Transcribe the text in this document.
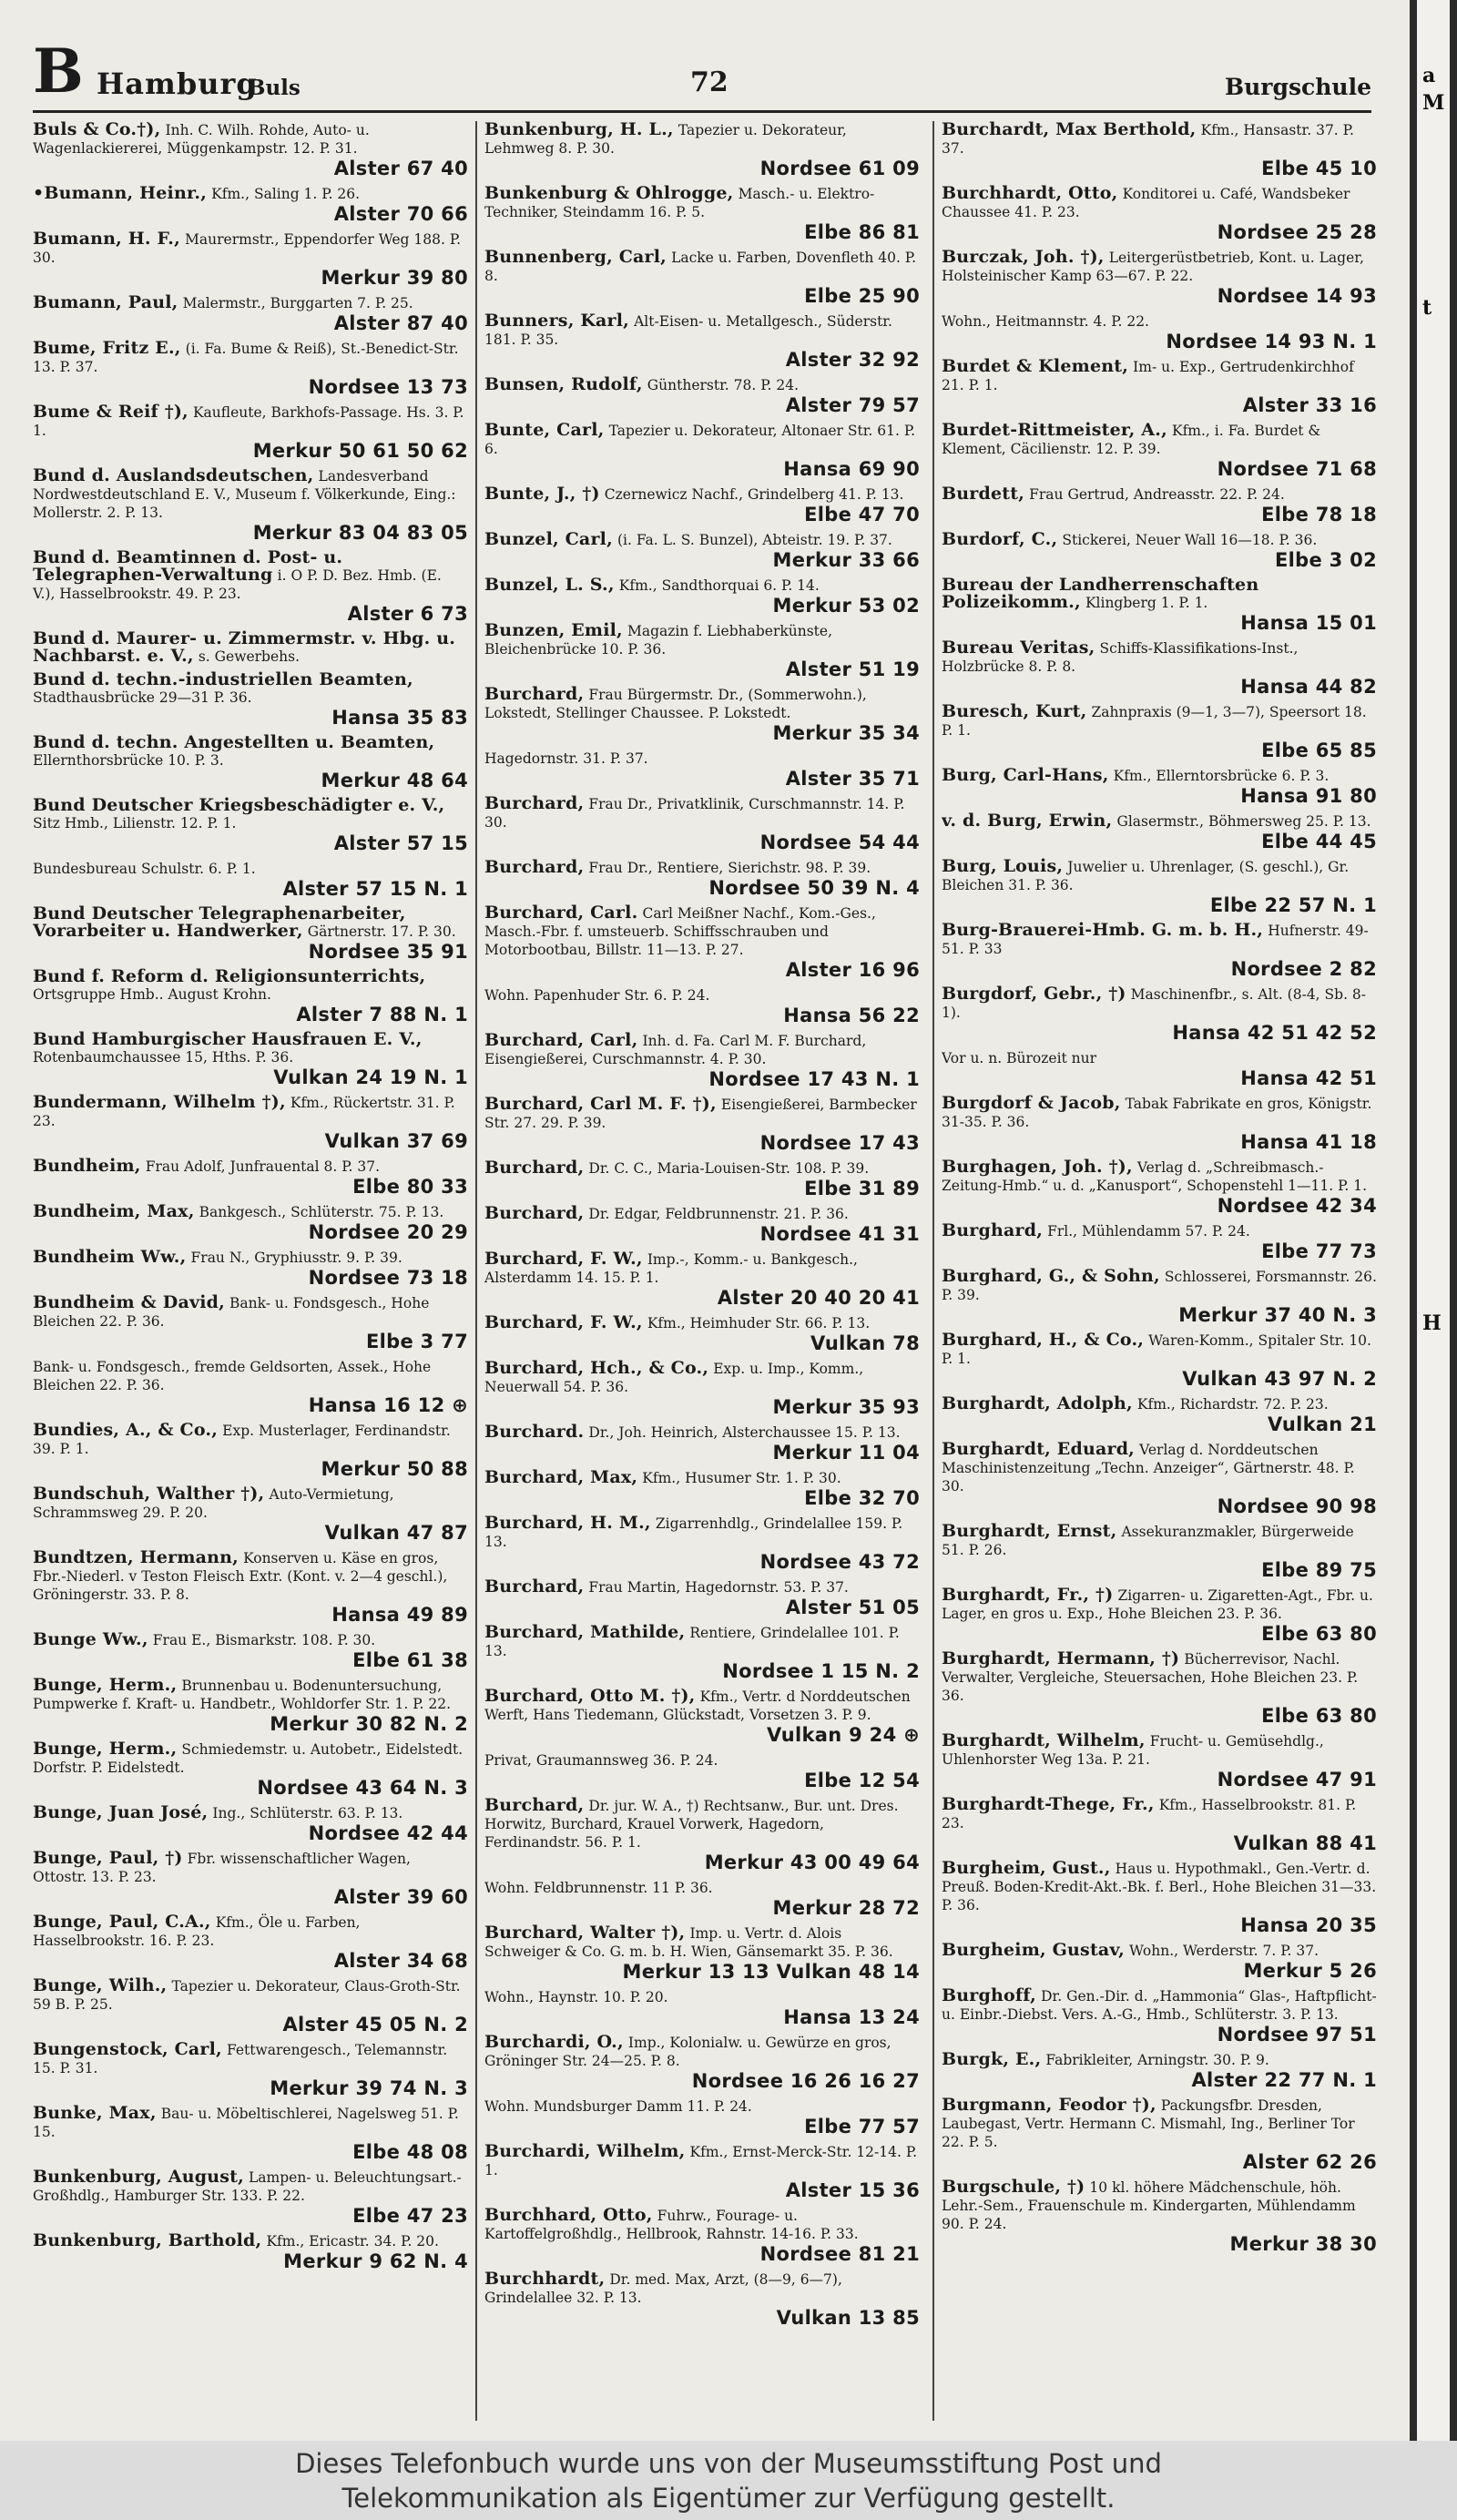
B Hamburg
Buls	72	Burgschule
Buls & Co.†), Inh. C. Wilh. Rohde, Auto- u. Wagenlackiererei, Müggenkampstr. 12. P. 31.
Alster 67 40
•Bumann, Heinr., Kfm., Saling 1. P. 26.
Alster 70 66
Bumann, H. F., Maurermstr., Eppendorfer Weg 188. P. 30.
Merkur 39 80
Bumann, Paul, Malermstr., Burggarten 7. P. 25.
Alster 87 40
Bume, Fritz E., (i. Fa. Bume & Reiß), St.-Benedict-Str. 13. P. 37.
Nordsee 13 73
Bume & Reif †), Kaufleute, Barkhofs-Passage. Hs. 3. P. 1.
Merkur 50 61 50 62
Bund d. Auslandsdeutschen, Landesverband Nordwestdeutschland E. V., Museum f. Völkerkunde, Eing.: Mollerstr. 2. P. 13.
Merkur 83 04 83 05
Bund d. Beamtinnen d. Post- u. Telegraphen-Verwaltung i. O P. D. Bez. Hmb. (E. V.), Hasselbrookstr. 49. P. 23.
Alster 6 73
Bund d. Maurer- u. Zimmermstr. v. Hbg. u. Nachbarst. e. V., s. Gewerbehs.
Bund d. techn.-industriellen Beamten, Stadthausbrücke 29—31 P. 36.
Hansa 35 83
Bund d. techn. Angestellten u. Beamten, Ellernthorsbrücke 10. P. 3.
Merkur 48 64
Bund Deutscher Kriegsbeschädigter e. V., Sitz Hmb., Lilienstr. 12. P. 1.
Alster 57 15
Bundesbureau Schulstr. 6. P. 1.
Alster 57 15 N. 1
Bund Deutscher Telegraphenarbeiter, Vorarbeiter u. Handwerker, Gärtnerstr. 17. P. 30.
Nordsee 35 91
Bund f. Reform d. Religionsunterrichts, Ortsgruppe Hmb.. August Krohn.
Alster 7 88 N. 1
Bund Hamburgischer Hausfrauen E. V., Rotenbaumchaussee 15, Hths. P. 36.
Vulkan 24 19 N. 1
Bundermann, Wilhelm †), Kfm., Rückertstr. 31. P. 23.
Vulkan 37 69
Bundheim, Frau Adolf, Junfrauental 8. P. 37.
Elbe 80 33
Bundheim, Max, Bankgesch., Schlüterstr. 75. P. 13.
Nordsee 20 29
Bundheim Ww., Frau N., Gryphiusstr. 9. P. 39.
Nordsee 73 18
Bundheim & David, Bank- u. Fondsgesch., Hohe Bleichen 22. P. 36.
Elbe 3 77
Bank- u. Fondsgesch., fremde Geldsorten, Assek., Hohe Bleichen 22. P. 36.
Hansa 16 12 ⊕
Bundies, A., & Co., Exp. Musterlager, Ferdinandstr. 39. P. 1.
Merkur 50 88
Bundschuh, Walther †), Auto-Vermietung, Schrammsweg 29. P. 20.
Vulkan 47 87
Bundtzen, Hermann, Konserven u. Käse en gros, Fbr.-Niederl. v Teston Fleisch Extr. (Kont. v. 2—4 geschl.), Gröningerstr. 33. P. 8.
Hansa 49 89
Bunge Ww., Frau E., Bismarkstr. 108. P. 30.
Elbe 61 38
Bunge, Herm., Brunnenbau u. Bodenuntersuchung, Pumpwerke f. Kraft- u. Handbetr., Wohldorfer Str. 1. P. 22.
Merkur 30 82 N. 2
Bunge, Herm., Schmiedemstr. u. Autobetr., Eidelstedt. Dorfstr. P. Eidelstedt.
Nordsee 43 64 N. 3
Bunge, Juan José, Ing., Schlüterstr. 63. P. 13.
Nordsee 42 44
Bunge, Paul, †) Fbr. wissenschaftlicher Wagen, Ottostr. 13. P. 23.
Alster 39 60
Bunge, Paul, C.A., Kfm., Öle u. Farben, Hasselbrookstr. 16. P. 23.
Alster 34 68
Bunge, Wilh., Tapezier u. Dekorateur, Claus-Groth-Str. 59 B. P. 25.
Alster 45 05 N. 2
Bungenstock, Carl, Fettwarengesch., Telemannstr. 15. P. 31.
Merkur 39 74 N. 3
Bunke, Max, Bau- u. Möbeltischlerei, Nagelsweg 51. P. 15.
Elbe 48 08
Bunkenburg, August, Lampen- u. Beleuchtungsart.-Großhdlg., Hamburger Str. 133. P. 22.
Elbe 47 23
Bunkenburg, Barthold, Kfm., Ericastr. 34. P. 20.
Merkur 9 62 N. 4
Bunkenburg, H. L., Tapezier u. Dekorateur, Lehmweg 8. P. 30.
Nordsee 61 09
Bunkenburg & Ohlrogge, Masch.- u. Elektro-Techniker, Steindamm 16. P. 5.
Elbe 86 81
Bunnenberg, Carl, Lacke u. Farben, Dovenfleth 40. P. 8.
Elbe 25 90
Bunners, Karl, Alt-Eisen- u. Metallgesch., Süderstr. 181. P. 35.
Alster 32 92
Bunsen, Rudolf, Güntherstr. 78. P. 24.
Alster 79 57
Bunte, Carl, Tapezier u. Dekorateur, Altonaer Str. 61. P. 6.
Hansa 69 90
Bunte, J., †) Czernewicz Nachf., Grindelberg 41. P. 13.
Elbe 47 70
Bunzel, Carl, (i. Fa. L. S. Bunzel), Abteistr. 19. P. 37.
Merkur 33 66
Bunzel, L. S., Kfm., Sandthorquai 6. P. 14.
Merkur 53 02
Bunzen, Emil, Magazin f. Liebhaberkünste, Bleichenbrücke 10. P. 36.
Alster 51 19
Burchard, Frau Bürgermstr. Dr., (Sommerwohn.), Lokstedt, Stellinger Chaussee. P. Lokstedt.
Merkur 35 34
Hagedornstr. 31. P. 37.
Alster 35 71
Burchard, Frau Dr., Privatklinik, Curschmannstr. 14. P. 30.
Nordsee 54 44
Burchard, Frau Dr., Rentiere, Sierichstr. 98. P. 39.
Nordsee 50 39 N. 4
Burchard, Carl. Carl Meißner Nachf., Kom.-Ges., Masch.-Fbr. f. umsteuerb. Schiffsschrauben und Motorbootbau, Billstr. 11—13. P. 27.
Alster 16 96
Wohn. Papenhuder Str. 6. P. 24.
Hansa 56 22
Burchard, Carl, Inh. d. Fa. Carl M. F. Burchard, Eisengießerei, Curschmannstr. 4. P. 30.
Nordsee 17 43 N. 1
Burchard, Carl M. F. †), Eisengießerei, Barmbecker Str. 27. 29. P. 39.
Nordsee 17 43
Burchard, Dr. C. C., Maria-Louisen-Str. 108. P. 39.
Elbe 31 89
Burchard, Dr. Edgar, Feldbrunnenstr. 21. P. 36.
Nordsee 41 31
Burchard, F. W., Imp.-, Komm.- u. Bankgesch., Alsterdamm 14. 15. P. 1.
Alster 20 40 20 41
Burchard, F. W., Kfm., Heimhuder Str. 66. P. 13.
Vulkan 78
Burchard, Hch., & Co., Exp. u. Imp., Komm., Neuerwall 54. P. 36.
Merkur 35 93
Burchard. Dr., Joh. Heinrich, Alsterchaussee 15. P. 13.
Merkur 11 04
Burchard, Max, Kfm., Husumer Str. 1. P. 30.
Elbe 32 70
Burchard, H. M., Zigarrenhdlg., Grindelallee 159. P. 13.
Nordsee 43 72
Burchard, Frau Martin, Hagedornstr. 53. P. 37.
Alster 51 05
Burchard, Mathilde, Rentiere, Grindelallee 101. P. 13.
Nordsee 1 15 N. 2
Burchard, Otto M. †), Kfm., Vertr. d Norddeutschen Werft, Hans Tiedemann, Glückstadt, Vorsetzen 3. P. 9.
Vulkan 9 24 ⊕
Privat, Graumannsweg 36. P. 24.
Elbe 12 54
Burchard, Dr. jur. W. A., †) Rechtsanw., Bur. unt. Dres. Horwitz, Burchard, Krauel Vorwerk, Hagedorn, Ferdinandstr. 56. P. 1.
Merkur 43 00 49 64
Wohn. Feldbrunnenstr. 11 P. 36.
Merkur 28 72
Burchard, Walter †), Imp. u. Vertr. d. Alois Schweiger & Co. G. m. b. H. Wien, Gänsemarkt 35. P. 36.
Merkur 13 13 Vulkan 48 14
Wohn., Haynstr. 10. P. 20.
Hansa 13 24
Burchardi, O., Imp., Kolonialw. u. Gewürze en gros, Gröninger Str. 24—25. P. 8.
Nordsee 16 26 16 27
Wohn. Mundsburger Damm 11. P. 24.
Elbe 77 57
Burchardi, Wilhelm, Kfm., Ernst-Merck-Str. 12-14. P. 1.
Alster 15 36
Burchhard, Otto, Fuhrw., Fourage- u. Kartoffelgroßhdlg., Hellbrook, Rahnstr. 14-16. P. 33.
Nordsee 81 21
Burchhardt, Dr. med. Max, Arzt, (8—9, 6—7), Grindelallee 32. P. 13.
Vulkan 13 85
Burchardt, Max Berthold, Kfm., Hansastr. 37. P. 37.
Elbe 45 10
Burchhardt, Otto, Konditorei u. Café, Wandsbeker Chaussee 41. P. 23.
Nordsee 25 28
Burczak, Joh. †), Leitergerüstbetrieb, Kont. u. Lager, Holsteinischer Kamp 63—67. P. 22.
Nordsee 14 93
Wohn., Heitmannstr. 4. P. 22.
Nordsee 14 93 N. 1
Burdet & Klement, Im- u. Exp., Gertrudenkirchhof 21. P. 1.
Alster 33 16
Burdet-Rittmeister, A., Kfm., i. Fa. Burdet & Klement, Cäcilienstr. 12. P. 39.
Nordsee 71 68
Burdett, Frau Gertrud, Andreasstr. 22. P. 24.
Elbe 78 18
Burdorf, C., Stickerei, Neuer Wall 16—18. P. 36.
Elbe 3 02
Bureau der Landherrenschaften Polizeikomm., Klingberg 1. P. 1.
Hansa 15 01
Bureau Veritas, Schiffs-Klassifikations-Inst., Holzbrücke 8. P. 8.
Hansa 44 82
Buresch, Kurt, Zahnpraxis (9—1, 3—7), Speersort 18. P. 1.
Elbe 65 85
Burg, Carl-Hans, Kfm., Ellerntorsbrücke 6. P. 3.
Hansa 91 80
v. d. Burg, Erwin, Glasermstr., Böhmersweg 25. P. 13.
Elbe 44 45
Burg, Louis, Juwelier u. Uhrenlager, (S. geschl.), Gr. Bleichen 31. P. 36.
Elbe 22 57 N. 1
Burg-Brauerei-Hmb. G. m. b. H., Hufnerstr. 49-51. P. 33
Nordsee 2 82
Burgdorf, Gebr., †) Maschinenfbr., s. Alt. (8-4, Sb. 8-1).
Hansa 42 51 42 52
Vor u. n. Bürozeit nur
Hansa 42 51
Burgdorf & Jacob, Tabak Fabrikate en gros, Königstr. 31-35. P. 36.
Hansa 41 18
Burghagen, Joh. †), Verlag d. „Schreibmasch.-Zeitung-Hmb.“ u. d. „Kanusport“, Schopenstehl 1—11. P. 1.
Nordsee 42 34
Burghard, Frl., Mühlendamm 57. P. 24.
Elbe 77 73
Burghard, G., & Sohn, Schlosserei, Forsmannstr. 26. P. 39.
Merkur 37 40 N. 3
Burghard, H., & Co., Waren-Komm., Spitaler Str. 10. P. 1.
Vulkan 43 97 N. 2
Burghardt, Adolph, Kfm., Richardstr. 72. P. 23.
Vulkan 21
Burghardt, Eduard, Verlag d. Norddeutschen Maschinistenzeitung „Techn. Anzeiger“, Gärtnerstr. 48. P. 30.
Nordsee 90 98
Burghardt, Ernst, Assekuranzmakler, Bürgerweide 51. P. 26.
Elbe 89 75
Burghardt, Fr., †) Zigarren- u. Zigaretten-Agt., Fbr. u. Lager, en gros u. Exp., Hohe Bleichen 23. P. 36.
Elbe 63 80
Burghardt, Hermann, †) Bücherrevisor, Nachl. Verwalter, Vergleiche, Steuersachen, Hohe Bleichen 23. P. 36.
Elbe 63 80
Burghardt, Wilhelm, Frucht- u. Gemüsehdlg., Uhlenhorster Weg 13a. P. 21.
Nordsee 47 91
Burghardt-Thege, Fr., Kfm., Hasselbrookstr. 81. P. 23.
Vulkan 88 41
Burgheim, Gust., Haus u. Hypothmakl., Gen.-Vertr. d. Preuß. Boden-Kredit-Akt.-Bk. f. Berl., Hohe Bleichen 31—33. P. 36.
Hansa 20 35
Burgheim, Gustav, Wohn., Werderstr. 7. P. 37.
Merkur 5 26
Burghoff, Dr. Gen.-Dir. d. „Hammonia“ Glas-, Haftpflicht- u. Einbr.-Diebst. Vers. A.-G., Hmb., Schlüterstr. 3. P. 13.
Nordsee 97 51
Burgk, E., Fabrikleiter, Arningstr. 30. P. 9.
Alster 22 77 N. 1
Burgmann, Feodor †), Packungsfbr. Dresden, Laubegast, Vertr. Hermann C. Mismahl, Ing., Berliner Tor 22. P. 5.
Alster 62 26
Burgschule, †) 10 kl. höhere Mädchenschule, höh. Lehr.-Sem., Frauenschule m. Kindergarten, Mühlendamm 90. P. 24.
Merkur 38 30
a
M
t
H
Dieses Telefonbuch wurde uns von der Museumsstiftung Post und
Telekommunikation als Eigentümer zur Verfügung gestellt.
